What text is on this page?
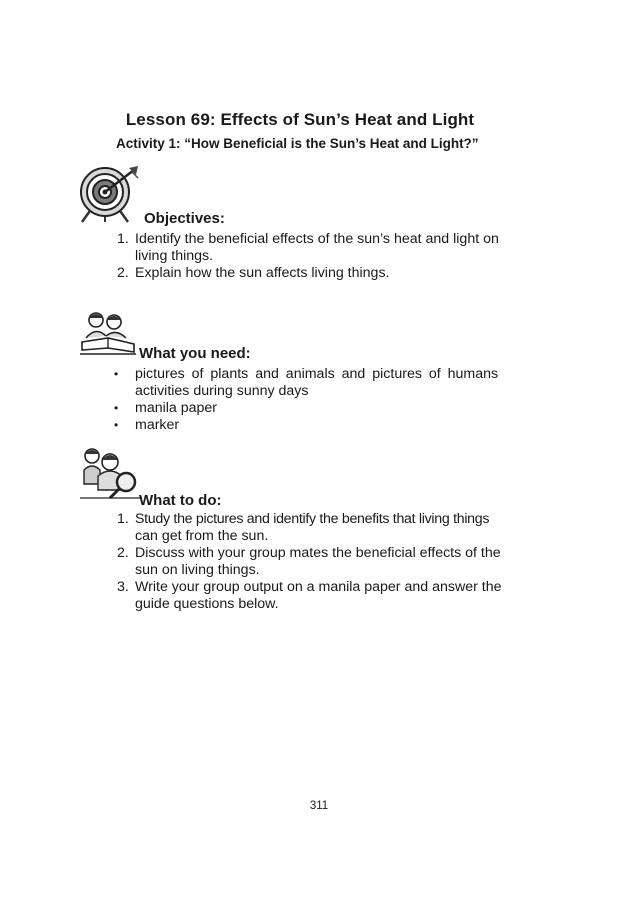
Lesson 69: Effects of Sun’s Heat and Light
Activity 1: “How Beneficial is the Sun’s Heat and Light?”
Objectives:
1. Identify the beneficial effects of the sun’s heat and light on
living things.
2. Explain how the sun affects living things.
What you need:
• pictures of plants and animals and pictures of humans
activities during sunny days
• manila paper
• marker
What to do:
1. Study the pictures and identify the benefits that living things
can get from the sun.
2. Discuss with your group mates the beneficial effects of the
sun on living things.
3. Write your group output on a manila paper and answer the
guide questions below.
311
